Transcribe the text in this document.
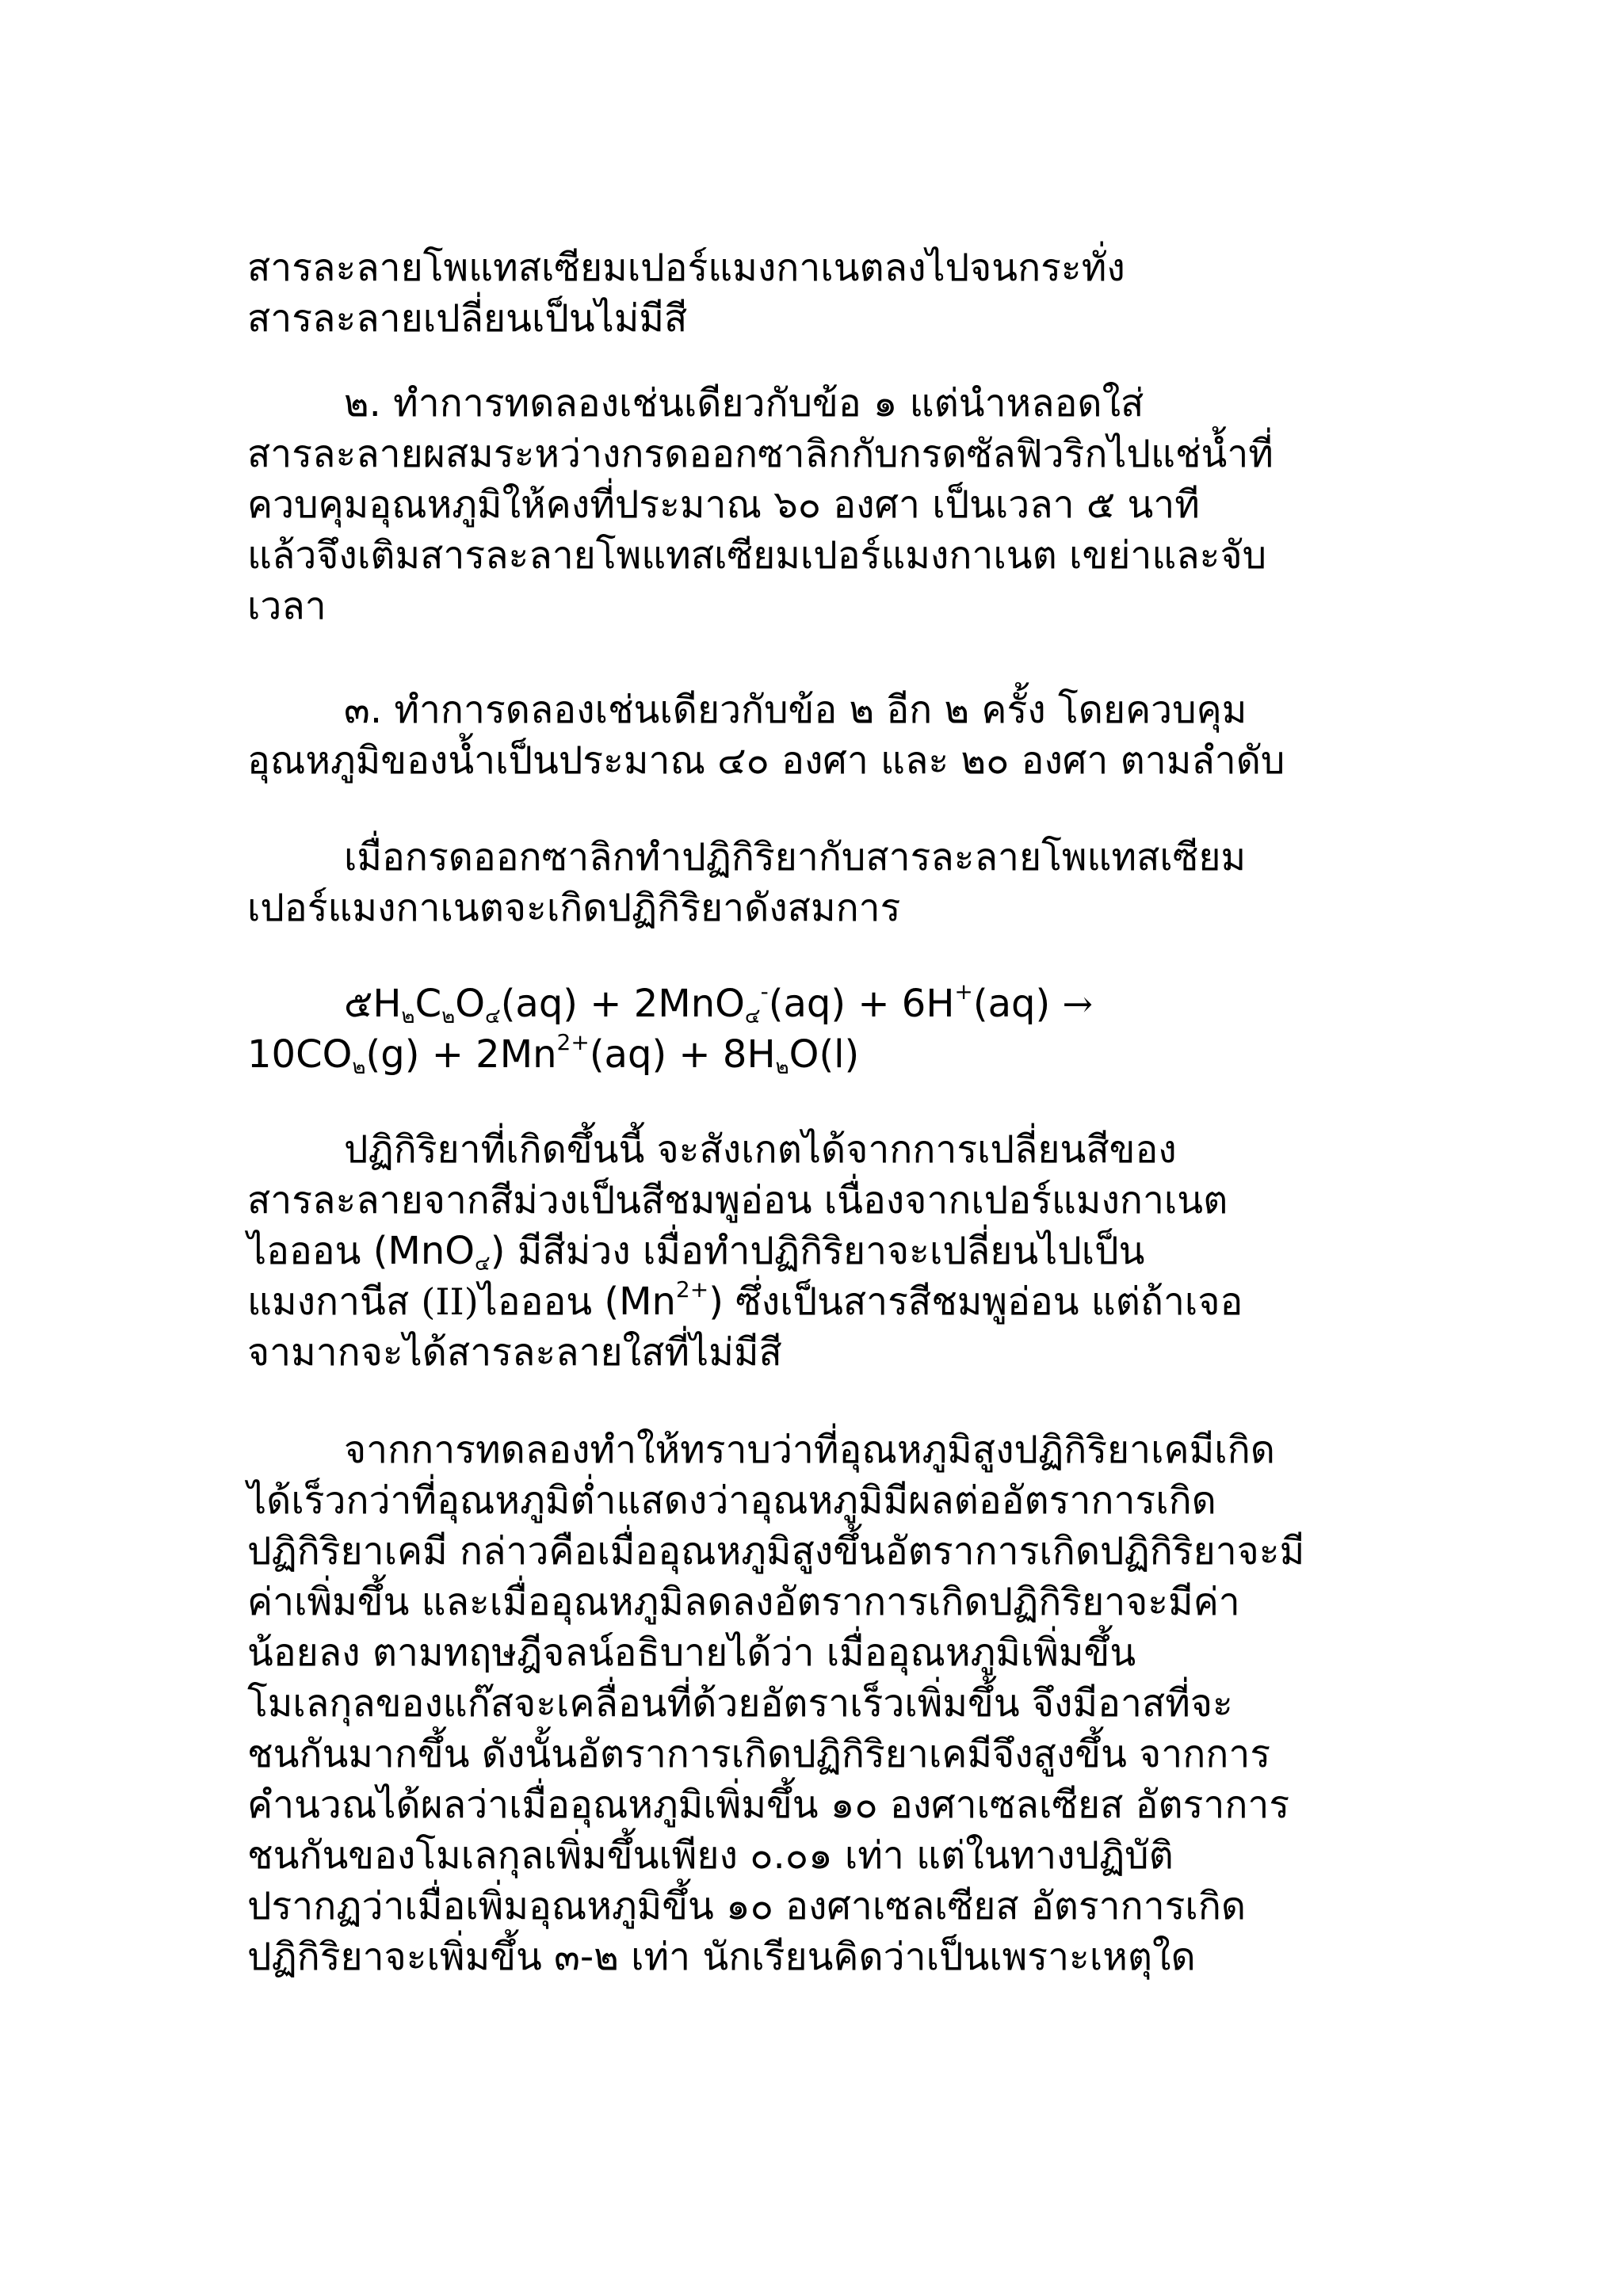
สารละลายโพแทสเซียมเปอร์แมงกาเนตลงไปจนกระทั่ง
สารละลายเปลี่ยนเป็นไม่มีสี
๒. ทำการทดลองเช่นเดียวกับข้อ ๑ แต่นำหลอดใส่
สารละลายผสมระหว่างกรดออกซาลิกกับกรดซัลฟิวริกไปแช่น้ำที่
ควบคุมอุณหภูมิให้คงที่ประมาณ ๖๐ องศา เป็นเวลา ๕ นาที
แล้วจึงเติมสารละลายโพแทสเซียมเปอร์แมงกาเนต เขย่าและจับ
เวลา
๓. ทำการดลองเช่นเดียวกับข้อ ๒ อีก ๒ ครั้ง โดยควบคุม
อุณหภูมิของน้ำเป็นประมาณ ๔๐ องศา และ ๒๐ องศา ตามลำดับ
เมื่อกรดออกซาลิกทำปฏิกิริยากับสารละลายโพแทสเซียม
เปอร์แมงกาเนตจะเกิดปฏิกิริยาดังสมการ
๕$H_๒C_๒O_๔(aq) + 2MnO_๔^-(aq) + 6H^+(aq)$ →
$10CO_๒(g) + 2Mn^{2+}(aq) + 8H_๒O(l)$
ปฏิกิริยาที่เกิดขึ้นนี้ จะสังเกตได้จากการเปลี่ยนสีของ
สารละลายจากสีม่วงเป็นสีชมพูอ่อน เนื่องจากเปอร์แมงกาเนต
ไอออน (MnO$_๔$) มีสีม่วง เมื่อทำปฏิกิริยาจะเปลี่ยนไปเป็น
แมงกานีส (II)ไอออน $(Mn^{2+})$ ซึ่งเป็นสารสีชมพูอ่อน แต่ถ้าเจอ
จามากจะได้สารละลายใสที่ไม่มีสี
จากการทดลองทำให้ทราบว่าที่อุณหภูมิสูงปฏิกิริยาเคมีเกิด
ได้เร็วกว่าที่อุณหภูมิต่ำแสดงว่าอุณหภูมิมีผลต่ออัตราการเกิด
ปฏิกิริยาเคมี กล่าวคือเมื่ออุณหภูมิสูงขึ้นอัตราการเกิดปฏิกิริยาจะมี
ค่าเพิ่มขึ้น และเมื่ออุณหภูมิลดลงอัตราการเกิดปฏิกิริยาจะมีค่า
น้อยลง ตามทฤษฎีจลน์อธิบายได้ว่า เมื่ออุณหภูมิเพิ่มขึ้น
โมเลกุลของแก๊สจะเคลื่อนที่ด้วยอัตราเร็วเพิ่มขึ้น จึงมีอาสที่จะ
ชนกันมากขึ้น ดังนั้นอัตราการเกิดปฏิกิริยาเคมีจึงสูงขึ้น จากการ
คำนวณได้ผลว่าเมื่ออุณหภูมิเพิ่มขึ้น ๑๐ องศาเซลเซียส อัตราการ
ชนกันของโมเลกุลเพิ่มขึ้นเพียง ๐.๐๑ เท่า แต่ในทางปฏิบัติ
ปรากฏว่าเมื่อเพิ่มอุณหภูมิขึ้น ๑๐ องศาเซลเซียส อัตราการเกิด
ปฏิกิริยาจะเพิ่มขึ้น ๓-๒ เท่า นักเรียนคิดว่าเป็นเพราะเหตุใด
